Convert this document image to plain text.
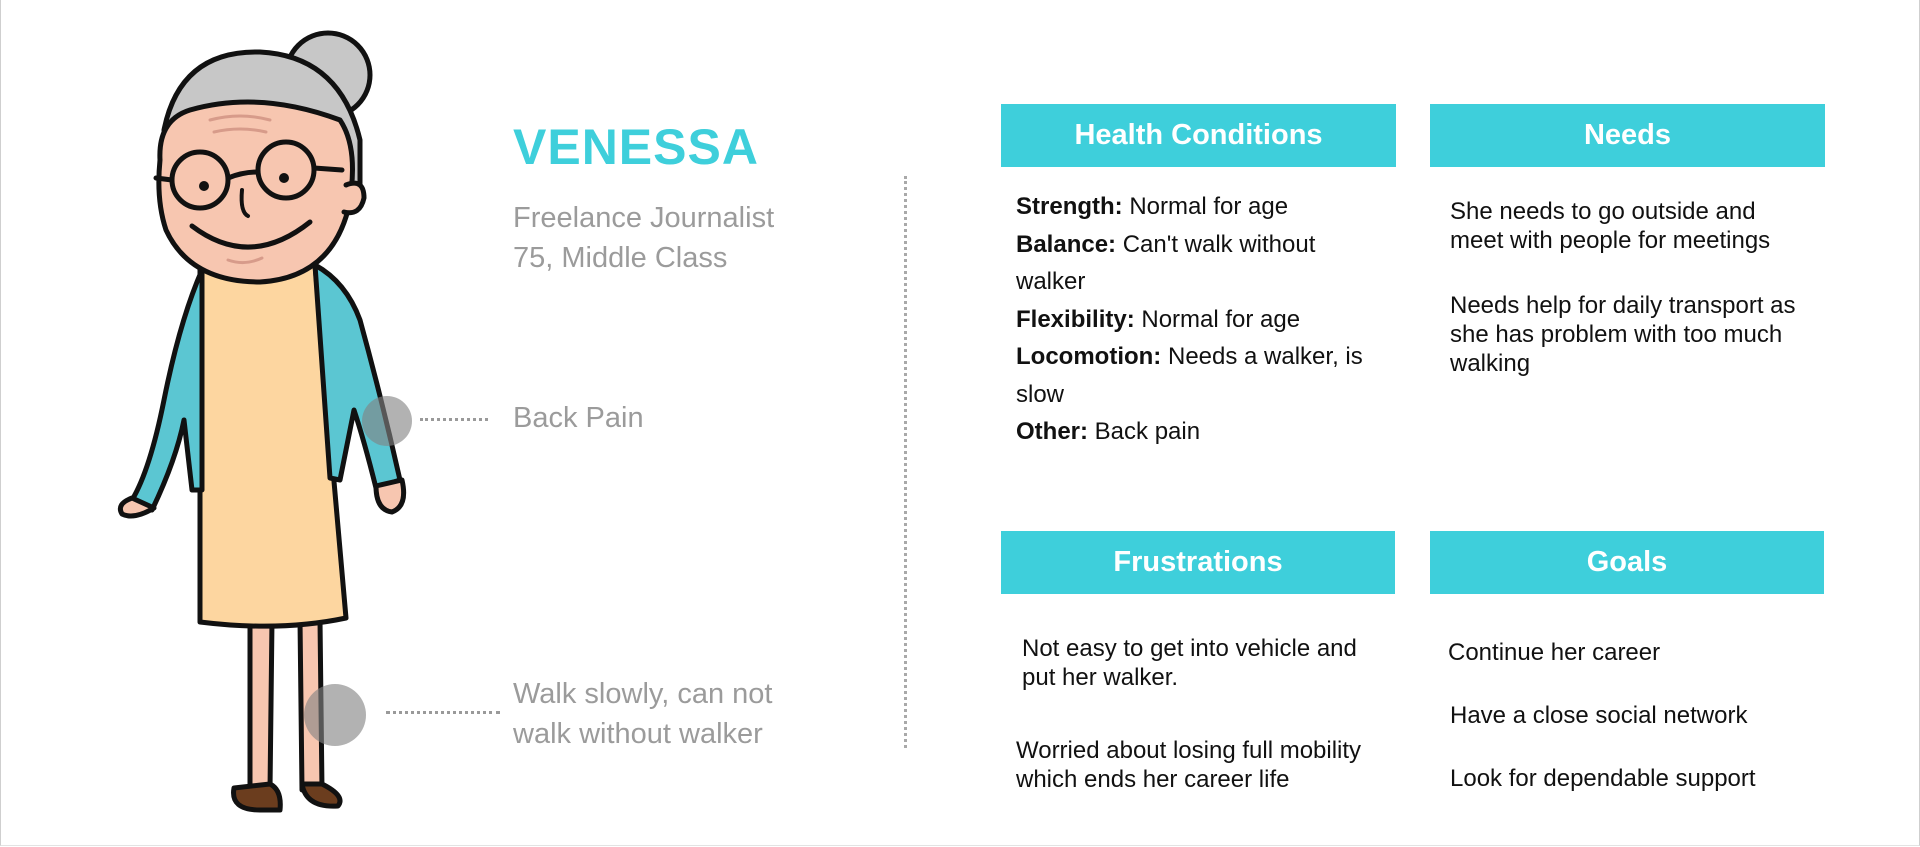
VENESSA
Freelance Journalist
75, Middle Class
Back Pain
Walk slowly, can not
walk without walker
Health Conditions
Strength: Normal for age
Balance: Can't walk without walker
Flexibility: Normal for age
Locomotion: Needs a walker, is slow
Other: Back pain
Needs
She needs to go outside and meet with people for meetings
Needs help for daily transport as she has problem with too much walking
Frustrations
Not easy to get into vehicle and put her walker.
Worried about losing full mobility which ends her career life
Goals
Continue her career
Have a close social network
Look for dependable support
